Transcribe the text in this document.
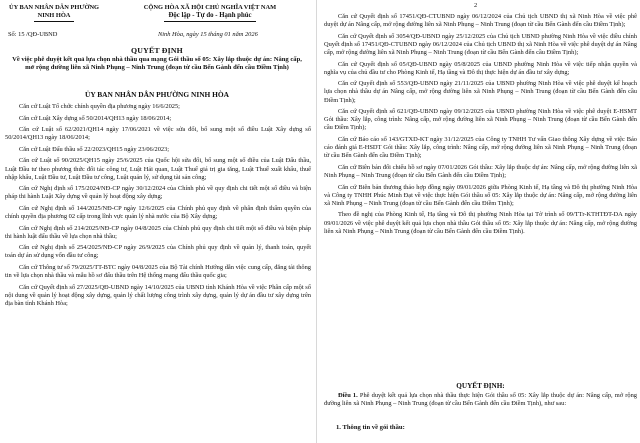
ỦY BAN NHÂN DÂN PHƯỜNG NINH HÒA
CỘNG HÒA XÃ HỘI CHỦ NGHĨA VIỆT NAM
Độc lập - Tự do - Hạnh phúc
Số: 15 /QĐ-UBND	Ninh Hòa, ngày 15 tháng 01 năm 2026
QUYẾT ĐỊNH
Về việc phê duyệt kết quả lựa chọn nhà thầu qua mạng Gói thầu số 05: Xây lắp thuộc dự án: Nâng cấp, mở rộng đường liên xã Ninh Phụng – Ninh Trung (đoạn từ cầu Bến Gành đến cầu Điềm Tịnh)
ỦY BAN NHÂN DÂN PHƯỜNG NINH HÒA

Căn cứ Luật Tổ chức chính quyền địa phương ngày 16/6/2025;

Căn cứ Luật Xây dựng số 50/2014/QH13 ngày 18/06/2014;

Căn cứ Luật số 62/2021/QH14 ngày 17/06/2021 về việc sửa đổi, bổ sung một số điều Luật Xây dựng số 50/2014/QH13 ngày 18/06/2014;

Căn cứ Luật Đấu thầu số 22/2023/QH15 ngày 23/06/2023;

Căn cứ Luật số 90/2025/QH15 ngày 25/6/2025 của Quốc hội sửa đổi, bổ sung một số điều của Luật Đấu thầu, Luật Đầu tư theo phương thức đối tác công tư, Luật Hải quan, Luật Thuế giá trị gia tăng, Luật Thuế xuất khẩu, thuế nhập khẩu, Luật Đầu tư, Luật Đầu tư công, Luật quản lý, sử dụng tài sản công;

Căn cứ Nghị định số 175/2024/NĐ-CP ngày 30/12/2024 của Chính phủ về quy định chi tiết một số điều và biện pháp thi hành Luật Xây dựng về quản lý hoạt động xây dựng;

Căn cứ Nghị định số 144/2025/NĐ-CP ngày 12/6/2025 của Chính phủ quy định về phân định thẩm quyền của chính quyền địa phương 02 cấp trong lĩnh vực quản lý nhà nước của Bộ Xây dựng;

Căn cứ Nghị định số 214/2025/NĐ-CP ngày 04/8/2025 của Chính phủ quy định chi tiết một số điều và biện pháp thi hành luật đấu thầu về lựa chọn nhà thầu;

Căn cứ Nghị định số 254/2025/NĐ-CP ngày 26/9/2025 của Chính phủ quy định về quản lý, thanh toán, quyết toán dự án sử dụng vốn đầu tư công;

Căn cứ Thông tư số 79/2025/TT-BTC ngày 04/8/2025 của Bộ Tài chính Hướng dẫn việc cung cấp, đăng tải thông tin về lựa chọn nhà thầu và mẫu hồ sơ đấu thầu trên Hệ thống mạng đấu thầu quốc gia;

Căn cứ Quyết định số 27/2025/QĐ-UBND ngày 14/10/2025 của UBND tỉnh Khánh Hòa về việc Phân cấp một số nội dung về quản lý hoạt động xây dựng, quản lý chất lượng công trình xây dựng, quản lý dự án đầu tư xây dựng trên địa bàn tỉnh Khánh Hòa;

2

Căn cứ Quyết định số 17451/QĐ-CTUBND ngày 06/12/2024 của Chủ tịch UBND thị xã Ninh Hòa về việc phê duyệt dự án Nâng cấp, mở rộng đường liên xã Ninh Phụng – Ninh Trung (đoạn từ cầu Bến Gành đến cầu Điềm Tịnh);

Căn cứ Quyết định số 3054/QĐ-UBND ngày 25/12/2025 của Chủ tịch UBND phường Ninh Hòa về việc điều chỉnh Quyết định số 17451/QĐ-CTUBND ngày 06/12/2024 của Chủ tịch UBND thị xã Ninh Hòa về việc phê duyệt dự án Nâng cấp, mở rộng đường liên xã Ninh Phụng – Ninh Trung (đoạn từ cầu Bến Gành đến cầu Điềm Tịnh);

Căn cứ Quyết định số 05/QĐ-UBND ngày 05/8/2025 của UBND phường Ninh Hòa về việc tiếp nhận quyền và nghĩa vụ của chủ đầu tư cho Phòng Kinh tế, Hạ tầng và Đô thị thực hiện dự án đầu tư xây dựng;

Căn cứ Quyết định số 553/QĐ-UBND ngày 21/11/2025 của UBND phường Ninh Hòa về việc phê duyệt kế hoạch lựa chọn nhà thầu dự án Nâng cấp, mở rộng đường liên xã Ninh Phụng – Ninh Trung (đoạn từ cầu Bến Gành đến cầu Điềm Tịnh);

Căn cứ Quyết định số 621/QĐ-UBND ngày 09/12/2025 của UBND phường Ninh Hòa về việc phê duyệt E-HSMT Gói thầu: Xây lắp, công trình: Nâng cấp, mở rộng đường liên xã Ninh Phụng – Ninh Trung (đoạn từ cầu Bến Gành đến cầu Điềm Tịnh);

Căn cứ Báo cáo số 143/GTXD-KT ngày 31/12/2025 của Công ty TNHH Tư vấn Giao thông Xây dựng về việc Báo cáo đánh giá E-HSDT Gói thầu: Xây lắp, công trình: Nâng cấp, mở rộng đường liên xã Ninh Phụng – Ninh Trung (đoạn từ cầu Bến Gành đến cầu Điềm Tịnh);

Căn cứ Biên bản đối chiếu hồ sơ ngày 07/01/2026 Gói thầu: Xây lắp thuộc dự án: Nâng cấp, mở rộng đường liên xã Ninh Phụng – Ninh Trung (đoạn từ cầu Bến Gành đến cầu Điềm Tịnh);

Căn cứ Biên bản thương thảo hợp đồng ngày 09/01/2026 giữa Phòng Kinh tế, Hạ tầng và Đô thị phường Ninh Hòa và Công ty TNHH Phúc Minh Đạt về việc thực hiện Gói thầu số 05: Xây lắp thuộc dự án: Nâng cấp, mở rộng đường liên xã Ninh Phụng – Ninh Trung (đoạn từ cầu Bến Gành đến cầu Điềm Tịnh);

Theo đề nghị của Phòng Kinh tế, Hạ tầng và Đô thị phường Ninh Hòa tại Tờ trình số 09/TTr-KTHTĐT-DA ngày 09/01/2026 về việc phê duyệt kết quả lựa chọn nhà thầu Gói thầu số 05: Xây lắp thuộc dự án: Nâng cấp, mở rộng đường liên xã Ninh Phụng – Ninh Trung (đoạn từ cầu Bến Gành đến cầu Điềm Tịnh).

QUYẾT ĐỊNH:

Điều 1. Phê duyệt kết quả lựa chọn nhà thầu thực hiện Gói thầu số 05: Xây lắp thuộc dự án: Nâng cấp, mở rộng đường liên xã Ninh Phụng – Ninh Trung (đoạn từ cầu Bến Gành đến cầu Điềm Tịnh), như sau:

1. Thông tin về gói thầu:
